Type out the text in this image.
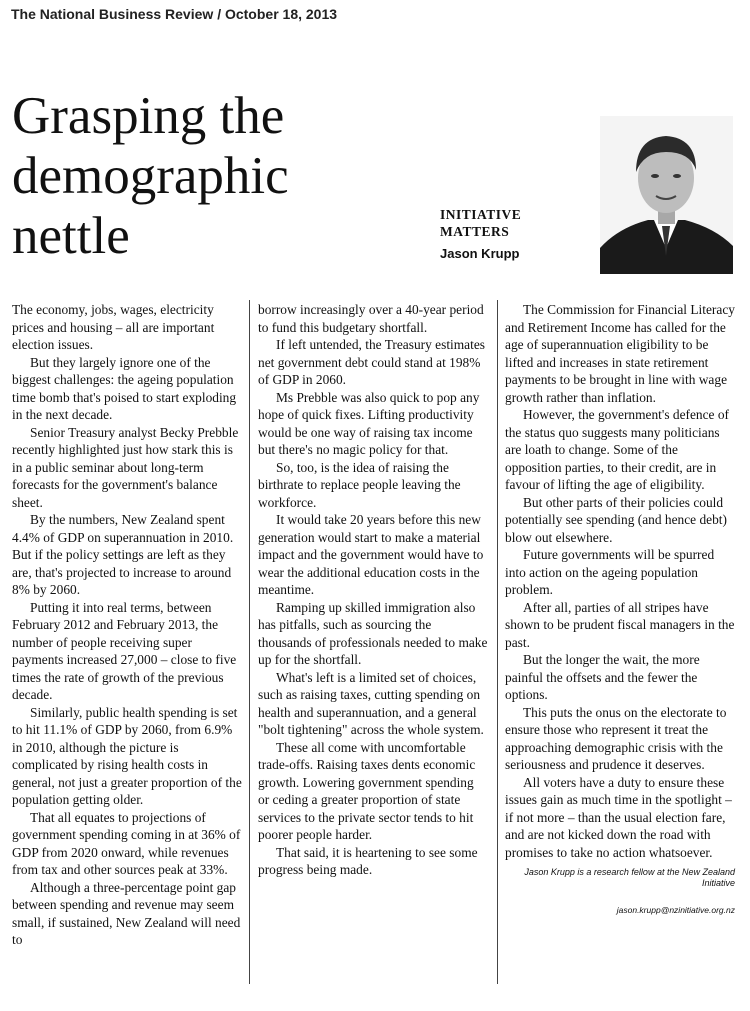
The National Business Review / October 18, 2013
Grasping the
demographic
nettle	INITIATIVE
MATTERS
Jason Krupp

The economy, jobs, wages, electricity prices and housing – all are important election issues.

But they largely ignore one of the biggest challenges: the ageing population time bomb that's poised to start exploding in the next decade.

Senior Treasury analyst Becky Prebble recently highlighted just how stark this is in a public seminar about long-term forecasts for the government's balance sheet.

By the numbers, New Zealand spent 4.4% of GDP on superannuation in 2010. But if the policy settings are left as they are, that's projected to increase to around 8% by 2060.

Putting it into real terms, between February 2012 and February 2013, the number of people receiving super payments increased 27,000 – close to five times the rate of growth of the previous decade.

Similarly, public health spending is set to hit 11.1% of GDP by 2060, from 6.9% in 2010, although the picture is complicated by rising health costs in general, not just a greater proportion of the population getting older.

That all equates to projections of government spending coming in at 36% of GDP from 2020 onward, while revenues from tax and other sources peak at 33%.

Although a three-percentage point gap between spending and revenue may seem small, if sustained, New Zealand will need to

borrow increasingly over a 40-year period to fund this budgetary shortfall.

If left untended, the Treasury estimates net government debt could stand at 198% of GDP in 2060.

Ms Prebble was also quick to pop any hope of quick fixes. Lifting productivity would be one way of raising tax income but there's no magic policy for that.

So, too, is the idea of raising the birthrate to replace people leaving the workforce.

It would take 20 years before this new generation would start to make a material impact and the government would have to wear the additional education costs in the meantime.

Ramping up skilled immigration also has pitfalls, such as sourcing the thousands of professionals needed to make up for the shortfall.

What's left is a limited set of choices, such as raising taxes, cutting spending on health and superannuation, and a general "bolt tightening" across the whole system.

These all come with uncomfortable trade-offs. Raising taxes dents economic growth. Lowering government spending or ceding a greater proportion of state services to the private sector tends to hit poorer people harder.

That said, it is heartening to see some progress being made.

The Commission for Financial Literacy and Retirement Income has called for the age of superannuation eligibility to be lifted and increases in state retirement payments to be brought in line with wage growth rather than inflation.

However, the government's defence of the status quo suggests many politicians are loath to change. Some of the opposition parties, to their credit, are in favour of lifting the age of eligibility.

But other parts of their policies could potentially see spending (and hence debt) blow out elsewhere.

Future governments will be spurred into action on the ageing population problem.

After all, parties of all stripes have shown to be prudent fiscal managers in the past.

But the longer the wait, the more painful the offsets and the fewer the options.

This puts the onus on the electorate to ensure those who represent it treat the approaching demographic crisis with the seriousness and prudence it deserves.

All voters have a duty to ensure these issues gain as much time in the spotlight – if not more – than the usual election fare, and are not kicked down the road with promises to take no action whatsoever.

Jason Krupp is a research fellow at the New Zealand
Initiative
jason.krupp@nzinitiative.org.nz
